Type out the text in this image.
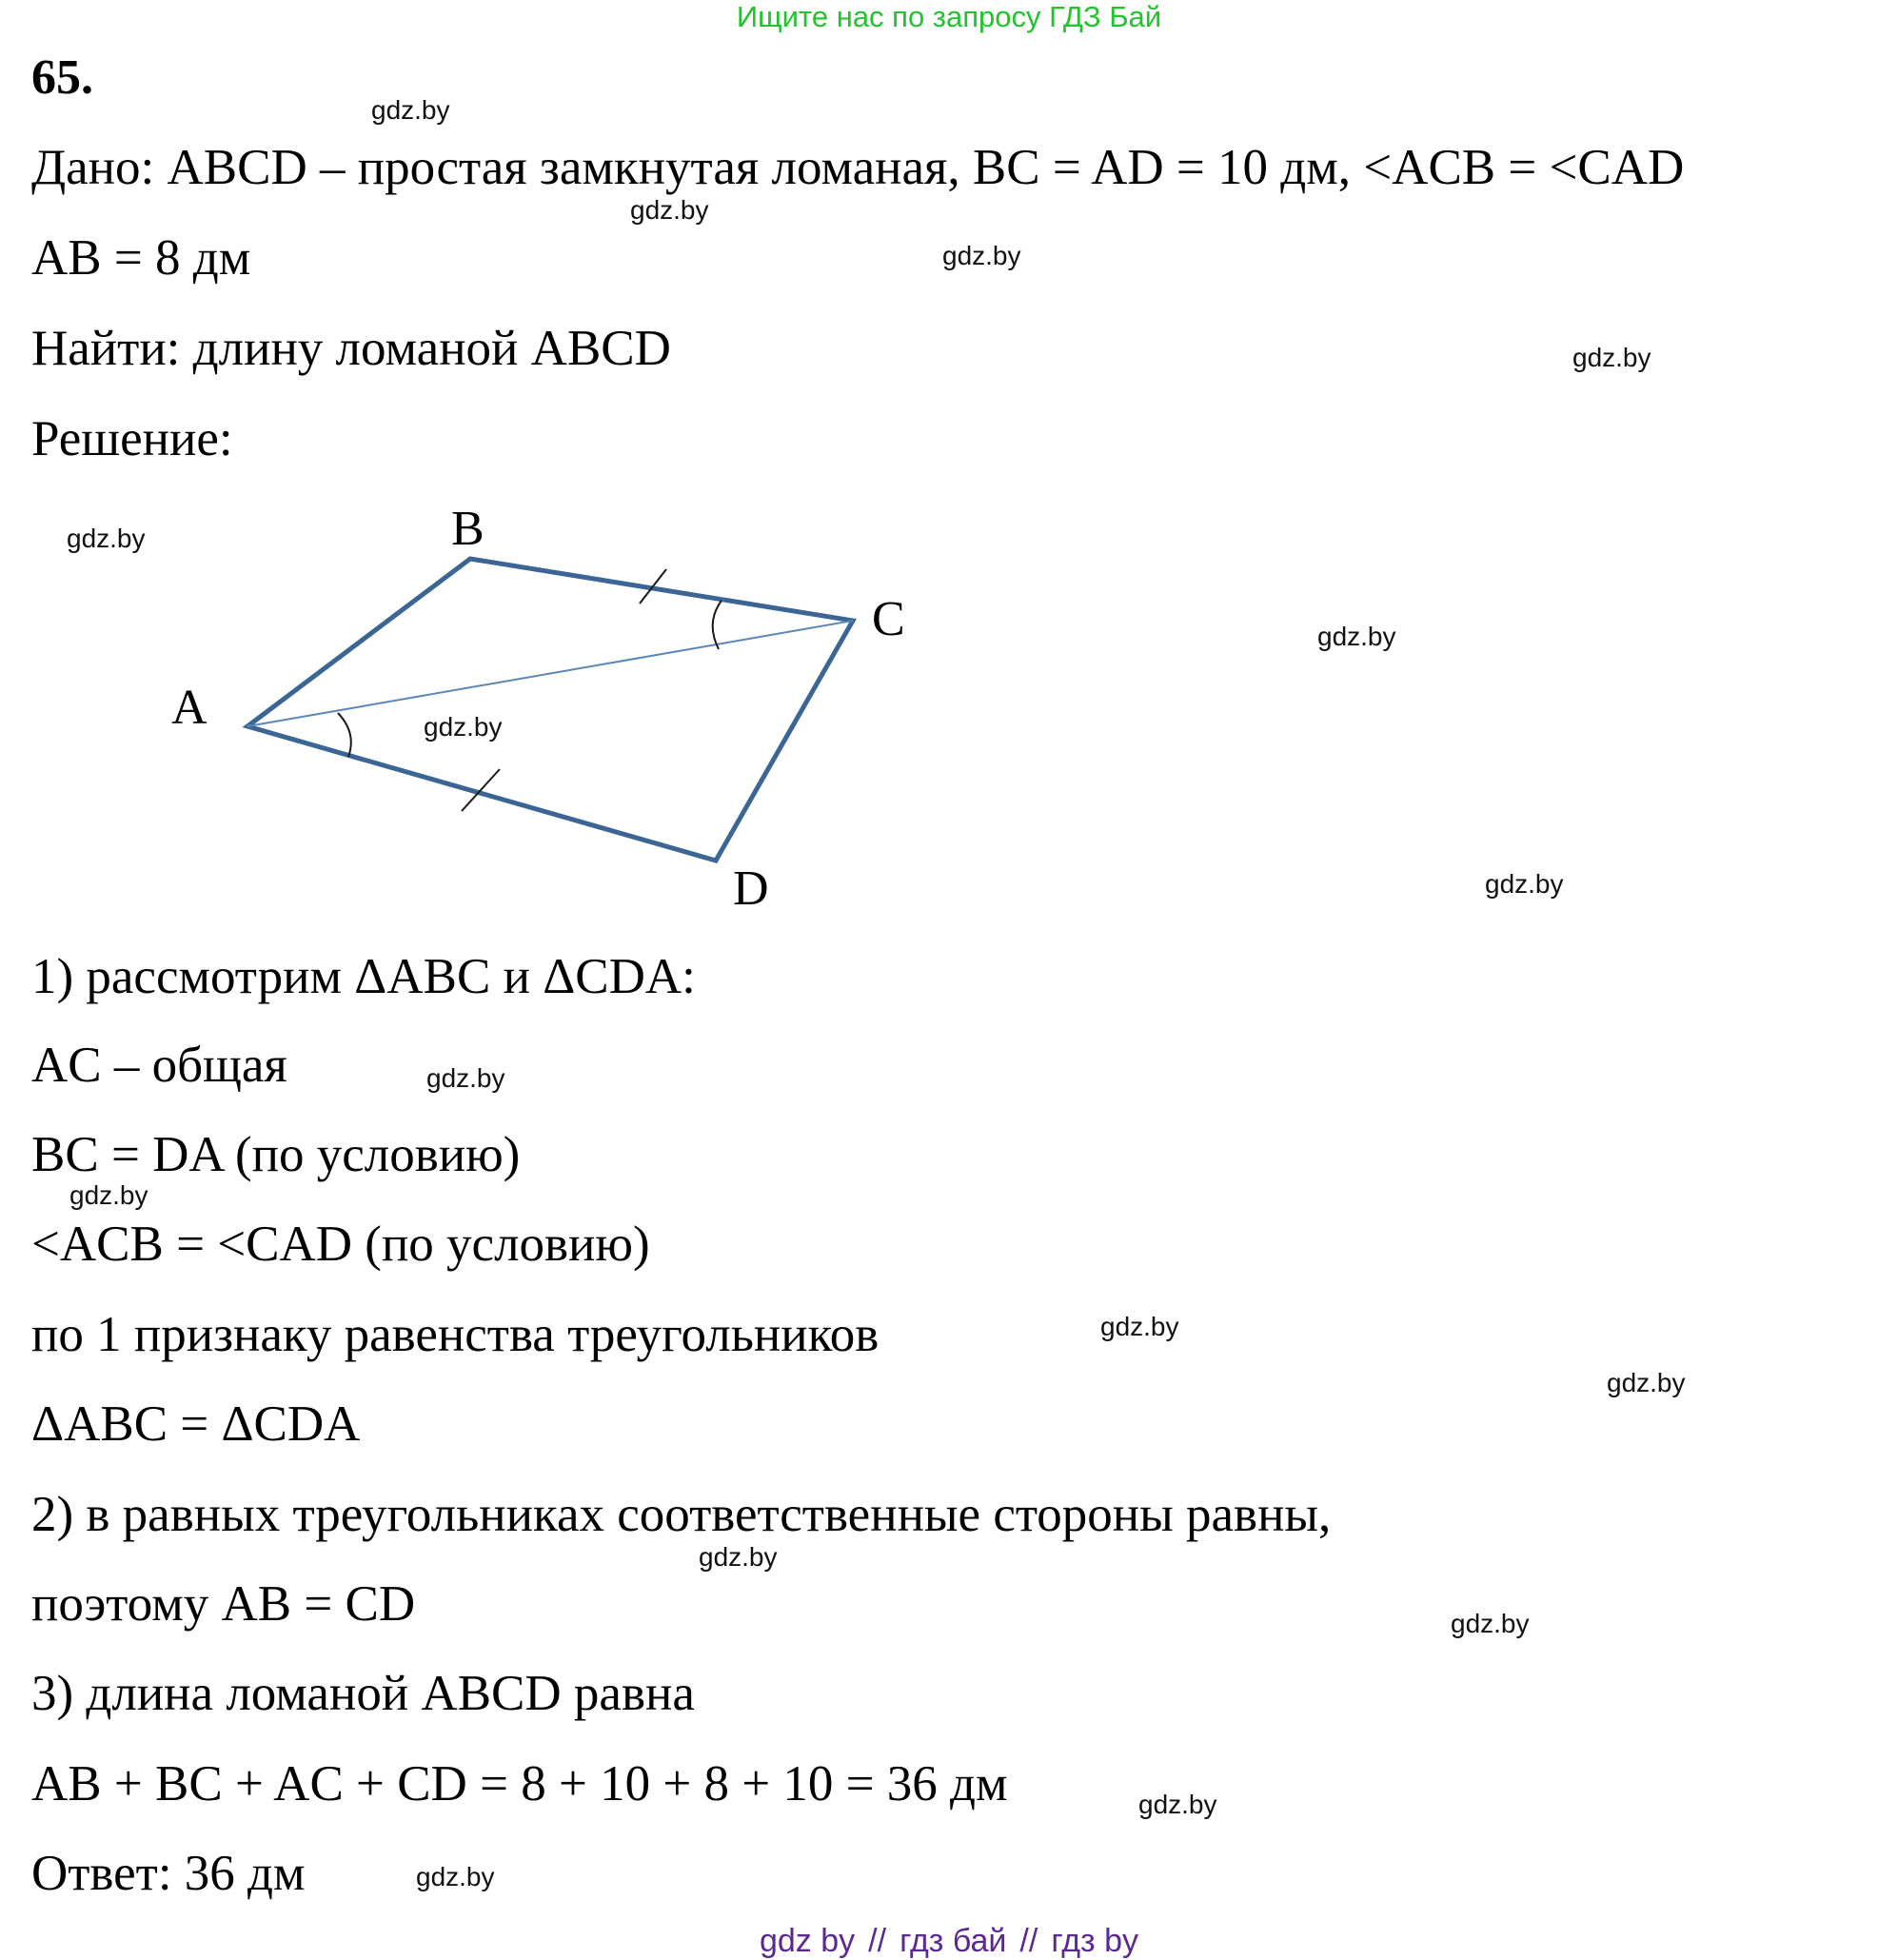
Ищите нас по запросу ГДЗ Бай
65.
Дано: ABCD – простая замкнутая ломаная, BC = AD = 10 дм, <ACB = <CAD
AB = 8 дм
Найти: длину ломаной ABCD
Решение:
A
B
C
D
1) рассмотрим ΔABC и ΔCDA:
AC – общая
BC = DA (по условию)
<ACB = <CAD (по условию)
по 1 признаку равенства треугольников
ΔABC = ΔCDA
2) в равных треугольниках соответственные стороны равны,
поэтому AB = CD
3) длина ломаной ABCD равна
AB + BC + AC + CD = 8 + 10 + 8 + 10 = 36 дм
Ответ: 36 дм
gdz.by
gdz.by
gdz.by
gdz.by
gdz.by
gdz.by
gdz.by
gdz.by
gdz.by
gdz.by
gdz.by
gdz.by
gdz.by
gdz.by
gdz.by
gdz.by
gdz by // гдз бай // гдз by
